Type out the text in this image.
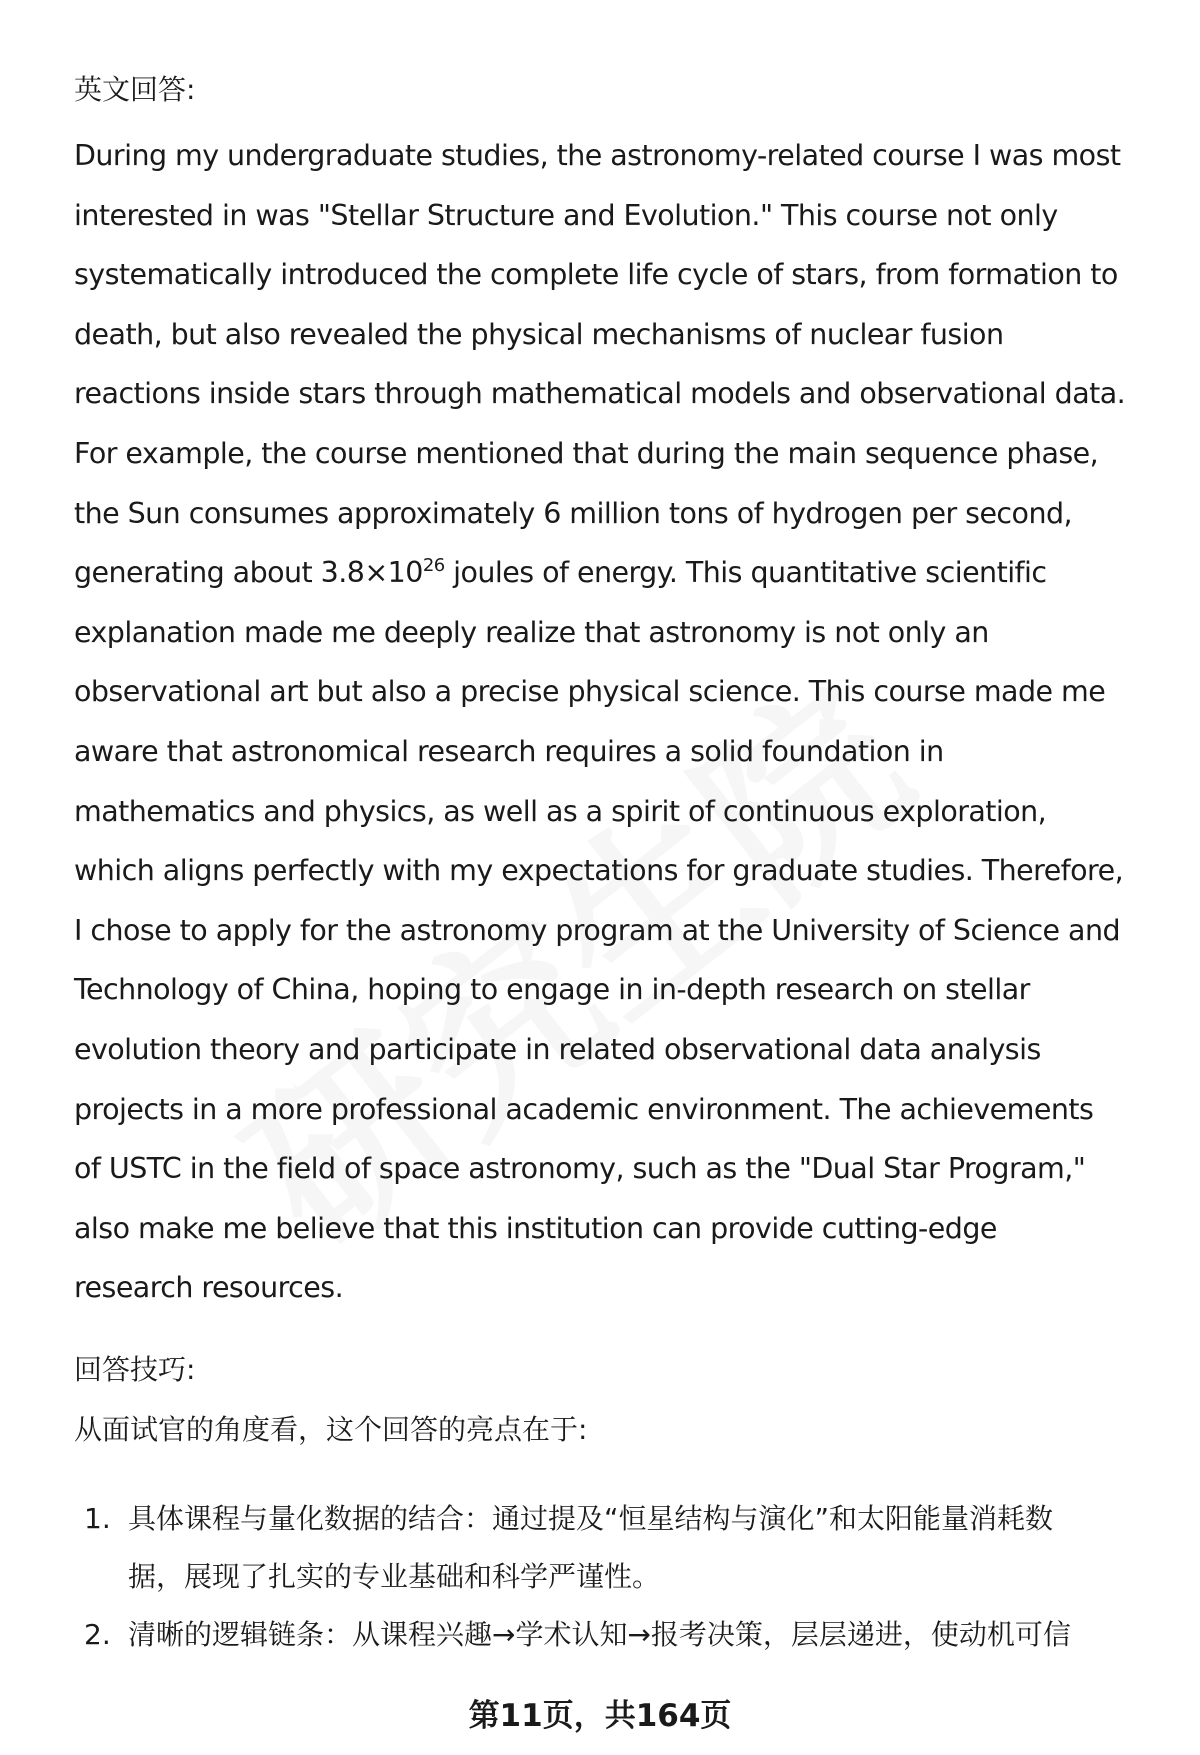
英文回答:

During my undergraduate studies, the astronomy-related course I was most
interested in was "Stellar Structure and Evolution." This course not only
systematically introduced the complete life cycle of stars, from formation to
death, but also revealed the physical mechanisms of nuclear fusion
reactions inside stars through mathematical models and observational data.
For example, the course mentioned that during the main sequence phase,
the Sun consumes approximately 6 million tons of hydrogen per second,
generating about $3.8\times 10^{26}$ joules of energy. This quantitative scientific
explanation made me deeply realize that astronomy is not only an
observational art but also a precise physical science. This course made me
aware that astronomical research requires a solid foundation in
mathematics and physics, as well as a spirit of continuous exploration,
which aligns perfectly with my expectations for graduate studies. Therefore,
I chose to apply for the astronomy program at the University of Science and
Technology of China, hoping to engage in in-depth research on stellar
evolution theory and participate in related observational data analysis
projects in a more professional academic environment. The achievements
of USTC in the field of space astronomy, such as the "Dual Star Program,"
also make me believe that this institution can provide cutting-edge
research resources.

回答技巧:
从面试官的角度看，这个回答的亮点在于:
1. 具体课程与量化数据的结合：通过提及“恒星结构与演化”和太阳能量消耗数
据，展现了扎实的专业基础和科学严谨性。
2. 清晰的逻辑链条：从课程兴趣→学术认知→报考决策，层层递进，使动机可信
第11页，共164页
